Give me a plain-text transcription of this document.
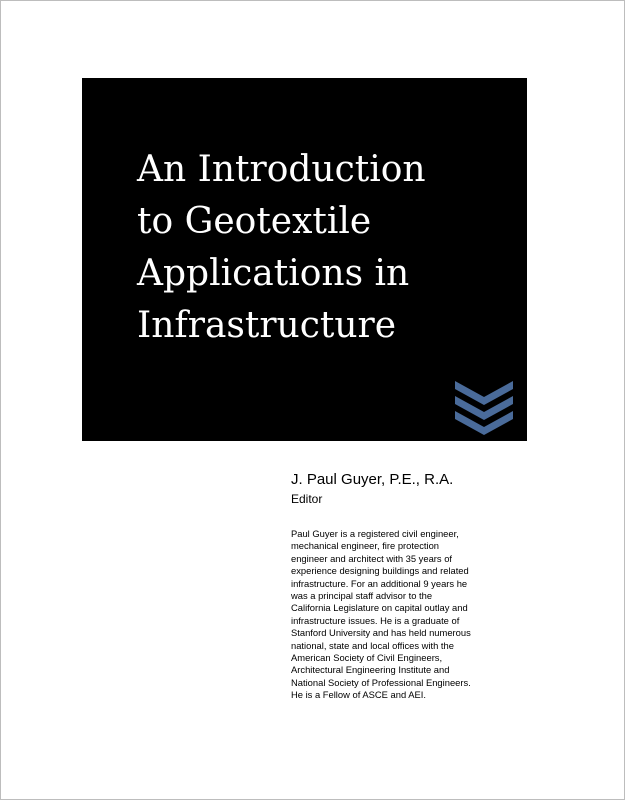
An Introduction
to Geotextile
Applications in
Infrastructure

J. Paul Guyer, P.E., R.A.

Editor

Paul Guyer is a registered civil engineer,
mechanical engineer, fire protection
engineer and architect with 35 years of
experience designing buildings and related
infrastructure. For an additional 9 years he
was a principal staff advisor to the
California Legislature on capital outlay and
infrastructure issues. He is a graduate of
Stanford University and has held numerous
national, state and local offices with the
American Society of Civil Engineers,
Architectural Engineering Institute and
National Society of Professional Engineers.
He is a Fellow of ASCE and AEI.
